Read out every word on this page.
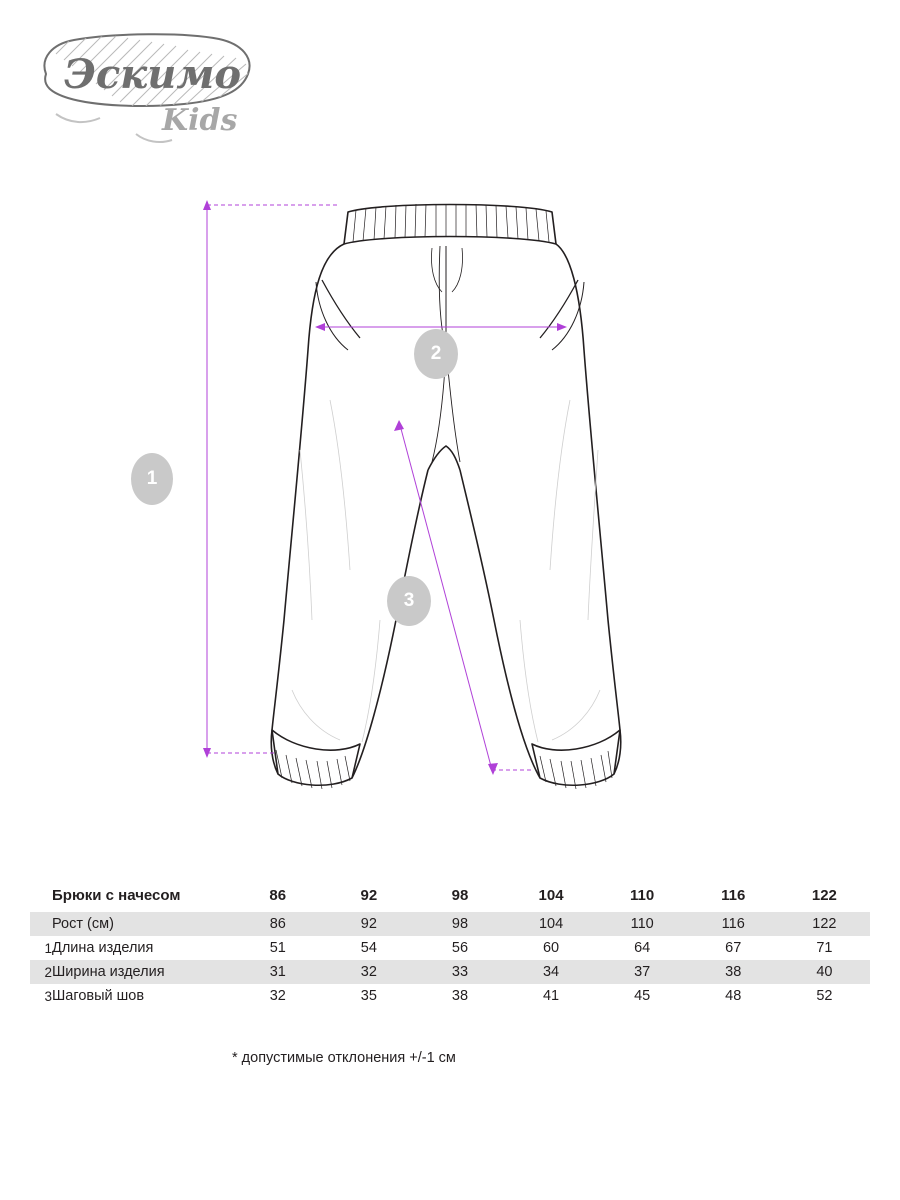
Эскимо
Kids
1
2
3
	Брюки с начесом	86	92	98	104	110	116	122
	Рост (см)	86	92	98	104	110	116	122
1	Длина изделия	51	54	56	60	64	67	71
2	Ширина изделия	31	32	33	34	37	38	40
3	Шаговый шов	32	35	38	41	45	48	52
* допустимые отклонения +/-1 см
